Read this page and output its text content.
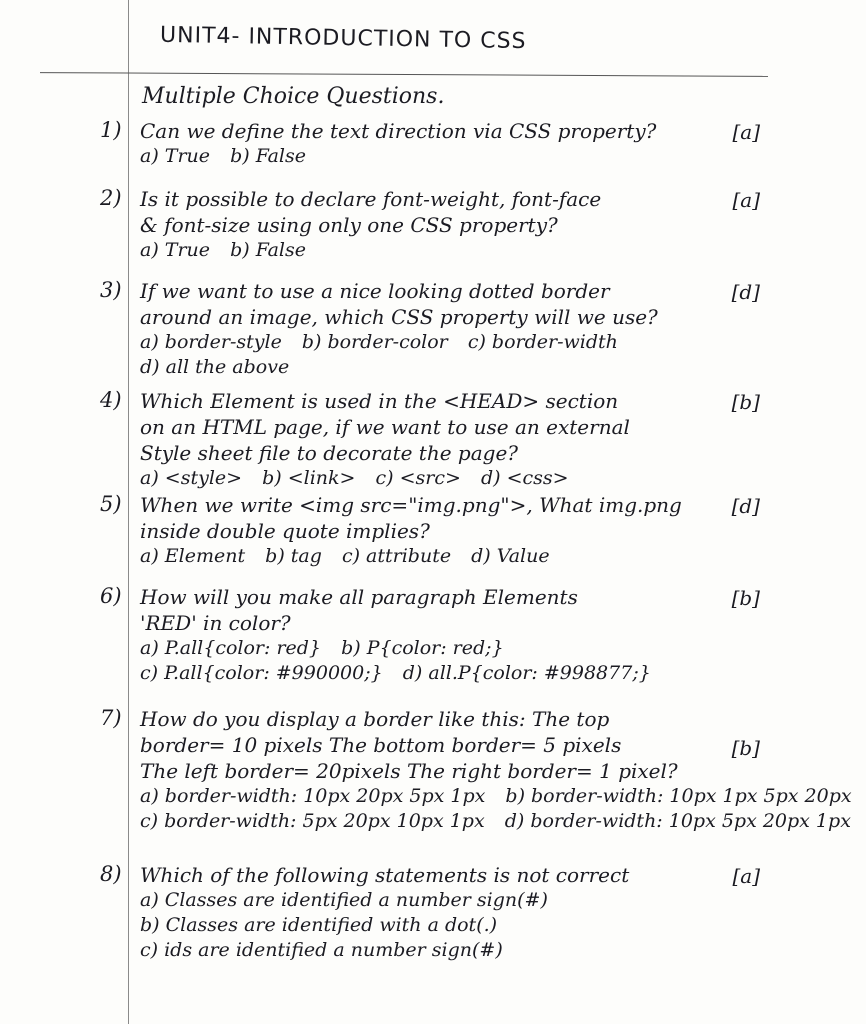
UNIT4- INTRODUCTION TO CSS
Multiple Choice Questions.
1)	[a]
Can we define the text direction via CSS property?
a) True b) False
2)	[a]
Is it possible to declare font-weight, font-face
& font-size using only one CSS property?
a) True b) False
3)	[d]
If we want to use a nice looking dotted border
around an image, which CSS property will we use?
a) border-style b) border-color c) border-width
d) all the above
4)	[b]
Which Element is used in the <HEAD> section
on an HTML page, if we want to use an external
Style sheet file to decorate the page?
a) <style> b) <link> c) <src> d) <css>
5)	[d]
When we write <img src="img.png">, What img.png
inside double quote implies?
a) Element b) tag c) attribute d) Value
6)	[b]
How will you make all paragraph Elements
'RED' in color?
a) P.all{color: red} b) P{color: red;}
c) P.all{color: #990000;} d) all.P{color: #998877;}
7)
[b]
How do you display a border like this: The top
border= 10 pixels The bottom border= 5 pixels
The left border= 20pixels The right border= 1 pixel?
a) border-width: 10px 20px 5px 1px b) border-width: 10px 1px 5px 20px
c) border-width: 5px 20px 10px 1px d) border-width: 10px 5px 20px 1px
8)	[a]
Which of the following statements is not correct
a) Classes are identified a number sign(#)
b) Classes are identified with a dot(.)
c) ids are identified a number sign(#)
